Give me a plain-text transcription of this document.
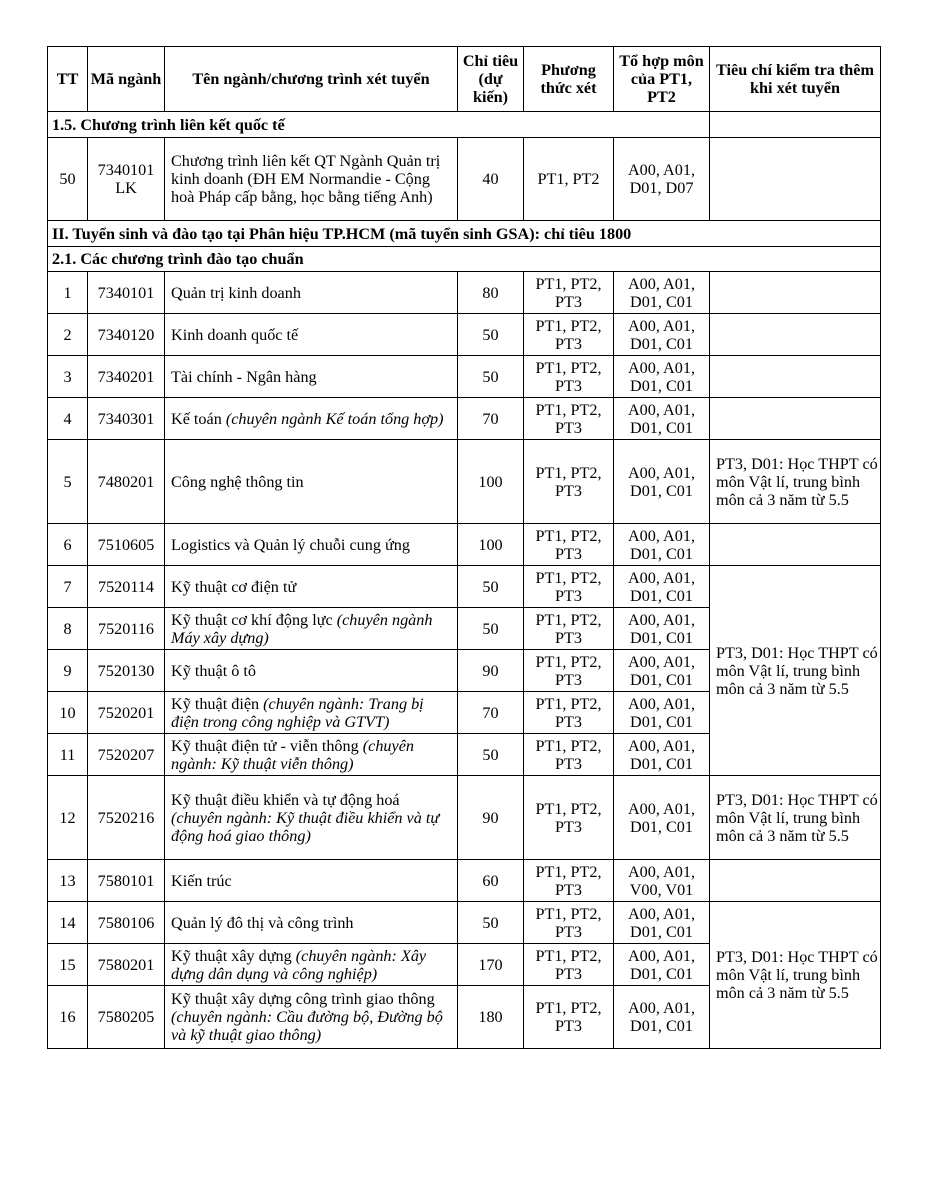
TT	Mã ngành	Tên ngành/chương trình xét tuyển	Chỉ tiêu (dự kiến)	Phương thức xét	Tổ hợp môn của PT1, PT2	Tiêu chí kiểm tra thêm khi xét tuyển
1.5. Chương trình liên kết quốc tế						
50	7340101 LK	Chương trình liên kết QT Ngành Quản trị kinh doanh (ĐH EM Normandie - Cộng hoà Pháp cấp bằng, học bằng tiếng Anh)	40	PT1, PT2	A00, A01, D01, D07	
II. Tuyển sinh và đào tạo tại Phân hiệu TP.HCM (mã tuyển sinh GSA): chỉ tiêu 1800						
2.1. Các chương trình đào tạo chuẩn						
1	7340101	Quản trị kinh doanh	80	PT1, PT2, PT3	A00, A01, D01, C01	
2	7340120	Kinh doanh quốc tế	50	PT1, PT2, PT3	A00, A01, D01, C01	
3	7340201	Tài chính - Ngân hàng	50	PT1, PT2, PT3	A00, A01, D01, C01	
4	7340301	Kế toán (chuyên ngành Kế toán tổng hợp)	70	PT1, PT2, PT3	A00, A01, D01, C01	
5	7480201	Công nghệ thông tin	100	PT1, PT2, PT3	A00, A01, D01, C01	PT3, D01: Học THPT có môn Vật lí, trung bình môn cả 3 năm từ 5.5
6	7510605	Logistics và Quản lý chuỗi cung ứng	100	PT1, PT2, PT3	A00, A01, D01, C01	
7	7520114	Kỹ thuật cơ điện tử	50	PT1, PT2, PT3	A00, A01, D01, C01	PT3, D01: Học THPT có môn Vật lí, trung bình môn cả 3 năm từ 5.5
8	7520116	Kỹ thuật cơ khí động lực (chuyên ngành Máy xây dựng)	50	PT1, PT2, PT3	A00, A01, D01, C01	
9	7520130	Kỹ thuật ô tô	90	PT1, PT2, PT3	A00, A01, D01, C01	
10	7520201	Kỹ thuật điện (chuyên ngành: Trang bị điện trong công nghiệp và GTVT)	70	PT1, PT2, PT3	A00, A01, D01, C01	
11	7520207	Kỹ thuật điện tử - viễn thông (chuyên ngành: Kỹ thuật viễn thông)	50	PT1, PT2, PT3	A00, A01, D01, C01	
12	7520216	Kỹ thuật điều khiển và tự động hoá (chuyên ngành: Kỹ thuật điều khiển và tự động hoá giao thông)	90	PT1, PT2, PT3	A00, A01, D01, C01	PT3, D01: Học THPT có môn Vật lí, trung bình môn cả 3 năm từ 5.5
13	7580101	Kiến trúc	60	PT1, PT2, PT3	A00, A01, V00, V01	
14	7580106	Quản lý đô thị và công trình	50	PT1, PT2, PT3	A00, A01, D01, C01	PT3, D01: Học THPT có môn Vật lí, trung bình môn cả 3 năm từ 5.5
15	7580201	Kỹ thuật xây dựng (chuyên ngành: Xây dựng dân dụng và công nghiệp)	170	PT1, PT2, PT3	A00, A01, D01, C01	
16	7580205	Kỹ thuật xây dựng công trình giao thông (chuyên ngành: Cầu đường bộ, Đường bộ và kỹ thuật giao thông)	180	PT1, PT2, PT3	A00, A01, D01, C01	
